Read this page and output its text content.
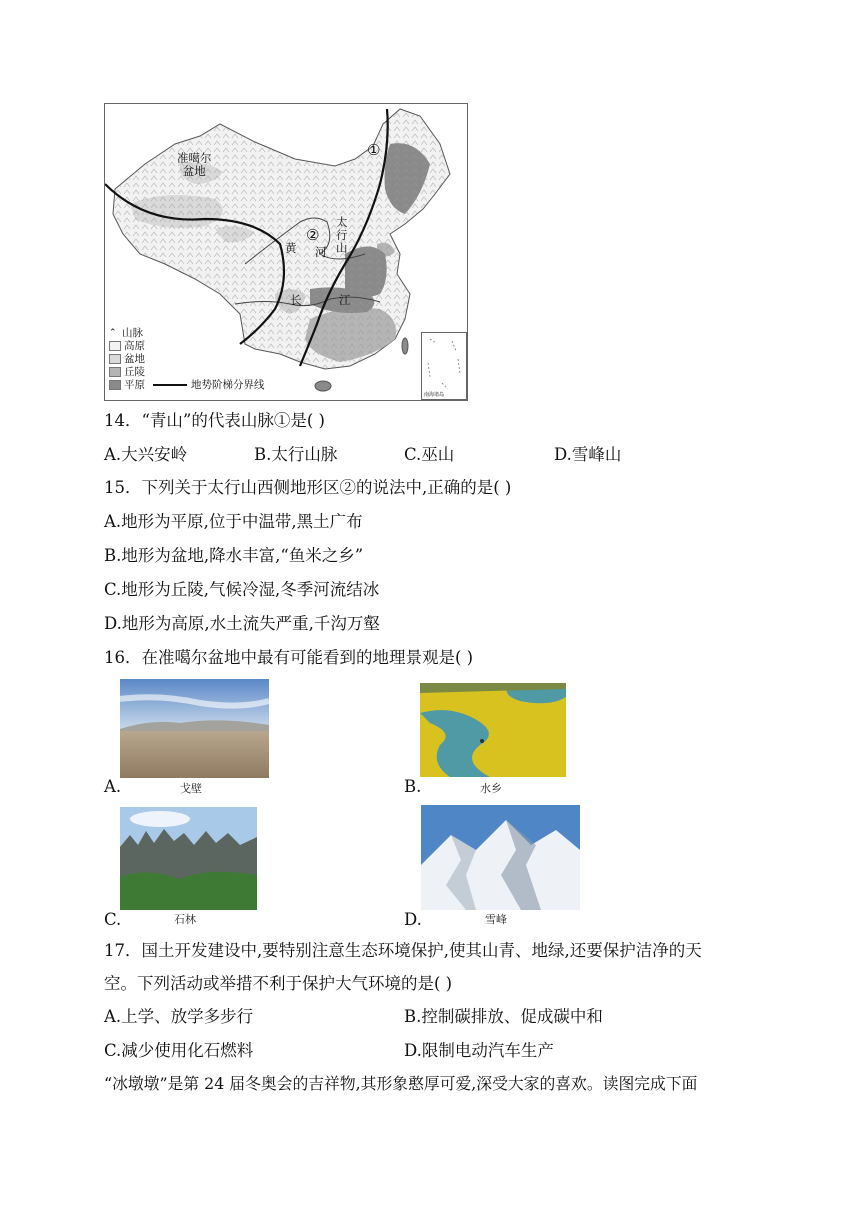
准噶尔
盆地
太
行
山
黄 河
长	江
①
②
⌃ 山脉
高原
盆地
丘陵
平原	地势阶梯分界线
南海诸岛
14．“青山”的代表山脉①是( )
A.大兴安岭	B.太行山脉	C.巫山	D.雪峰山
15．下列关于太行山西侧地形区②的说法中,正确的是( )
A.地形为平原,位于中温带,黑土广布
B.地形为盆地,降水丰富,“鱼米之乡”
C.地形为丘陵,气候冷湿,冬季河流结冰
D.地形为高原,水土流失严重,千沟万壑
16．在准噶尔盆地中最有可能看到的地理景观是( )
A.	戈壁	B.	水乡
C.	石林	D.	雪峰
17．国土开发建设中,要特别注意生态环境保护,使其山青、地绿,还要保护洁净的天
空。下列活动或举措不利于保护大气环境的是( )
A.上学、放学多步行	B.控制碳排放、促成碳中和
C.减少使用化石燃料	D.限制电动汽车生产
“冰墩墩”是第 24 届冬奥会的吉祥物,其形象憨厚可爱,深受大家的喜欢。读图完成下面
